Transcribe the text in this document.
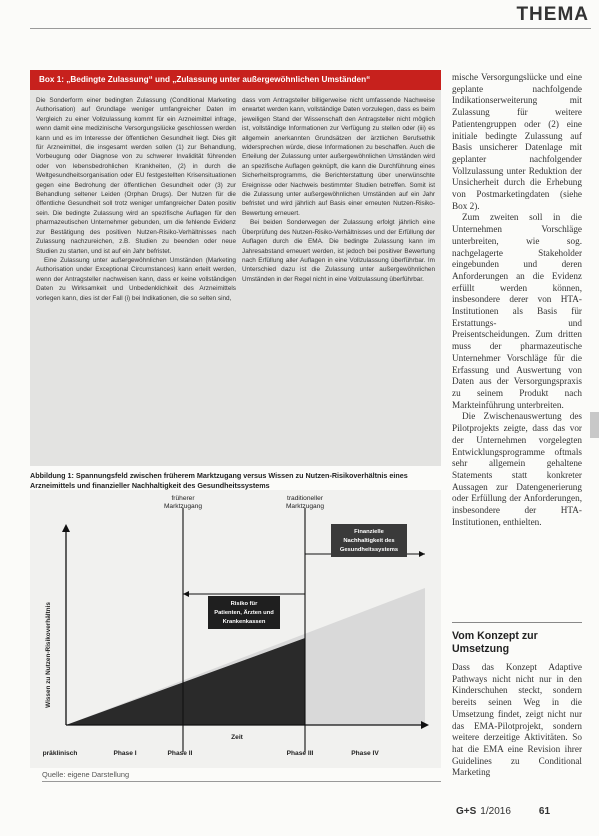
THEMA
Box 1: „Bedingte Zulassung“ und „Zulassung unter außergewöhnlichen Umständen“

Die Sonderform einer bedingten Zulassung (Conditional Marketing Authorisation) auf Grundlage weniger umfangreicher Daten im Vergleich zu einer Vollzulassung kommt für ein Arzneimittel infrage, wenn damit eine medizinische Versorgungslücke geschlossen werden kann und es im Interesse der öffentlichen Gesundheit liegt. Dies gilt für Arzneimittel, die insgesamt werden sollen (1) zur Behandlung, Vorbeugung oder Diagnose von zu schwerer Invalidität führenden oder von lebensbedrohlichen Krankheiten, (2) in durch die Weltgesundheitsorganisation oder EU festgestellten Krisensituationen gegen eine Bedrohung der öffentlichen Gesundheit oder (3) zur Behandlung seltener Leiden (Orphan Drugs). Der Nutzen für die öffentliche Gesundheit soll trotz weniger umfangreicher Daten positiv sein. Die bedingte Zulassung wird an spezifische Auflagen für den pharmazeutischen Unternehmer gebunden, um die fehlende Evidenz zur Bestätigung des positiven Nutzen-Risiko-Verhältnisses nach Zulassung nachzureichen, z.B. Studien zu beenden oder neue Studien zu starten, und ist auf ein Jahr befristet.

Eine Zulassung unter außergewöhnlichen Umständen (Marketing Authorisation under Exceptional Circumstances) kann erteilt werden, wenn der Antragsteller nachweisen kann, dass er keine vollständigen Daten zu Wirksamkeit und Unbedenklichkeit des Arzneimittels vorlegen kann, dies ist der Fall (i) bei Indikationen, die so selten sind,

dass vom Antragsteller billigerweise nicht umfassende Nachweise erwartet werden kann, vollständige Daten vorzulegen, dass es beim jeweiligen Stand der Wissenschaft den Antragsteller nicht möglich ist, vollständige Informationen zur Verfügung zu stellen oder (iii) es allgemein anerkannten Grundsätzen der ärztlichen Berufsethik widersprechen würde, diese Informationen zu beschaffen. Auch die Erteilung der Zulassung unter außergewöhnlichen Umständen wird an spezifische Auflagen geknüpft, die kann die Durchführung eines Sicherheitsprogramms, die Berichterstattung über unerwünschte Ereignisse oder Nachweis bestimmter Studien betreffen. Somit ist die Zulassung unter außergewöhnlichen Umständen auf ein Jahr befristet und wird jährlich auf Basis einer erneuten Nutzen-Risiko-Bewertung erneuert.

Bei beiden Sonderwegen der Zulassung erfolgt jährlich eine Überprüfung des Nutzen-Risiko-Verhältnisses und der Erfüllung der Auflagen durch die EMA. Die bedingte Zulassung kann im Jahresabstand erneuert werden, ist jedoch bei positiver Bewertung nach Erfüllung aller Auflagen in eine Vollzulassung überführbar. Im Unterschied dazu ist die Zulassung unter außergewöhnlichen Umständen in der Regel nicht in eine Vollzulassung überführbar.

Abbildung 1: Spannungsfeld zwischen früherem Marktzugang versus Wissen zu Nutzen-Risikoverhältnis eines Arzneimittels und finanzieller Nachhaltigkeit des Gesundheitssystems
früherer
Marktzugang
traditioneller
Marktzugang
Finanzielle
Nachhaltigkeit des
Gesundheitssystems
Risiko für
Patienten, Ärzten und
Krankenkassen
Wissen zu Nutzen-Risikoverhältnis
Zeit
präklinisch	Phase I	Phase II	Phase III	Phase IV
Quelle: eigene Darstellung

mische Versorgungslücke und eine geplante nachfolgende Indikationserweiterung mit Zulassung für weitere Patientengruppen oder (2) eine initiale bedingte Zulassung auf Basis unsicherer Datenlage mit geplanter nachfolgender Vollzulassung unter Reduktion der Unsicherheit durch die Erhebung von Postmarketingdaten (siehe Box 2).

Zum zweiten soll in die Unternehmen Vorschläge unterbreiten, wie sog. nachgelagerte Stakeholder eingebunden und deren Anforderungen an die Evidenz erfüllt werden können, insbesondere derer von HTA-Institutionen als Basis für Erstattungs- und Preisentscheidungen. Zum dritten muss der pharmazeutische Unternehmer Vorschläge für die Erfassung und Auswertung von Daten aus der Versorgungspraxis zu seinem Produkt nach Markteinführung unterbreiten.

Die Zwischenauswertung des Pilotprojekts zeigte, dass das vor der Unternehmen vorgelegten Entwicklungsprogramme oftmals sehr allgemein gehaltene Statements statt konkreter Aussagen zur Datengenerierung oder Erfüllung der Anforderungen, insbesondere der HTA-Institutionen, enthielten.

Vom Konzept zur Umsetzung

Dass das Konzept Adaptive Pathways nicht nicht nur in den Kinderschuhen steckt, sondern bereits seinen Weg in die Umsetzung findet, zeigt nicht nur das EMA-Pilotprojekt, sondern weitere derzeitige Aktivitäten. So hat die EMA eine Revision ihrer Guidelines zu Conditional Marketing

G+S 1/2016	61
